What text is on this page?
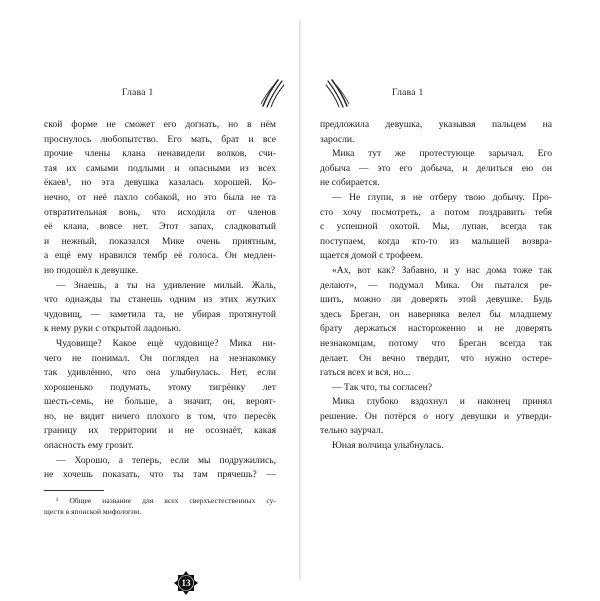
Глава 1
ской форме не сможет его догнать, но в нём
проснулось любопытство. Его мать, брат и все
прочие члены клана ненавидели волков, счи-
тая их самыми подлыми и опасными из всех
ёкаев¹, но эта девушка казалась хорошей. Ко-
нечно, от неё пахло собакой, но это была не та
отвратительная вонь, что исходила от членов
её клана, вовсе нет. Этот запах, сладковатый
и нежный, показался Мике очень приятным,
а ещё ему нравился тембр её голоса. Он медлен-
но подошёл к девушке.
— Знаешь, а ты на удивление милый. Жаль,
что однажды ты станешь одним из этих жутких
чудовищ, — заметила та, не убирая протянутой
к нему руки с открытой ладонью.
Чудовище? Какое ещё чудовище? Мика ни-
чего не понимал. Он поглядел на незнакомку
так удивлённо, что она улыбнулась. Нет, если
хорошенько подумать, этому тигрёнку лет
шесть-семь, не больше, а значит, он, вероят-
но, не видит ничего плохого в том, что пересёк
границу их территории и не осознаёт, какая
опасность ему грозит.
— Хорошо, а теперь, если мы подружились,
не хочешь показать, что ты там прячешь? —
¹ Общее название для всех сверхъестественных су-
ществ в японской мифологии.
13
Глава 1
предложила девушка, указывая пальцем на
заросли.
Мика тут же протестующе зарычал. Его
добыча — это его добыча, и делиться ею он
не собирается.
— Не глупи, я не отберу твою добычу. Про-
сто хочу посмотреть, а потом поздравить тебя
с успешной охотой. Мы, лупан, всегда так
поступаем, когда кто-то из малышей возвра-
щается домой с трофеем.
«Ах, вот как? Забавно, и у нас дома тоже так
делают», — подумал Мика. Он пытался ре-
шить, можно ли доверять этой девушке. Будь
здесь Бреган, он наверняка велел бы младшему
брату держаться настороженно и не доверять
незнакомцам, потому что Бреган всегда так
делает. Он вечно твердит, что нужно остере-
гаться всех и вся, но...
— Так что, ты согласен?
Мика глубоко вздохнул и наконец принял
решение. Он потёрся о ногу девушки и утверди-
тельно заурчал.
Юная волчица улыбнулась.
